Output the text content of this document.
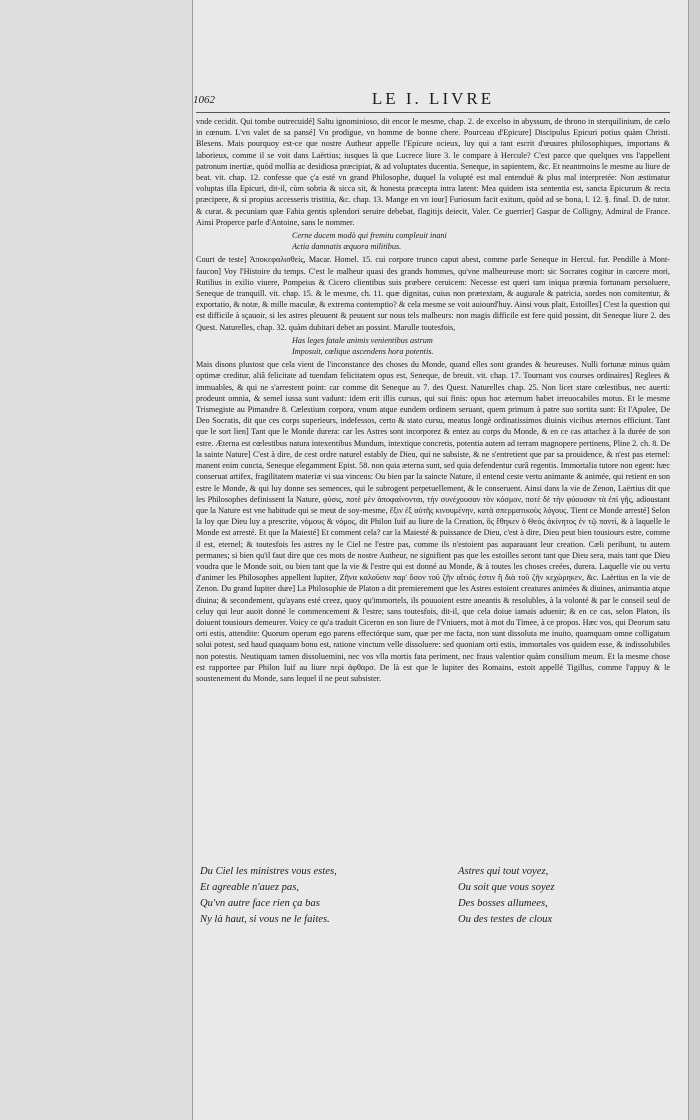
1062	LE I. LIVRE

vnde cecidit. Qui tombe outrecuidé] Saltu ignominioso, dit encor le mesme, chap. 2. de excelso in abyssum, de throno in sterquilinium, de cælo in cœnum. L'vn valet de sa pansé] Vn prodigue, vn homme de bonne chere. Pourceau d'Epicure] Discipulus Epicuri potius quàm Christi. Blesens. Mais pourquoy est-ce que nostre Autheur appelle l'Epicure ocieux, luy qui a tant escrit d'œuures philosophiques, importans & laborieux, comme il se voit dans Laërtius; iusques là que Lucrece liure 3. le compare à Hercule? C'est parce que quelques vns l'appellent patronum inertiæ, quòd mollia ac desidiosa præcipiat, & ad voluptates ducentia. Seneque, in sapientem, &c. Et neantmoins le mesme au liure de beat. vit. chap. 12. confesse que ç'a esté vn grand Philosophe, duquel la volupté est mal entenduë & plus mal interpretée: Non æstimatur voluptas illa Epicuri, dit-il, cùm sobria & sicca sit, & honesta præcepta intra latent: Mea quidem ista sententia est, sancta Epicurum & recta præcipere, & si propius accesseris tristitia, &c. chap. 13. Mange en vn iour] Furiosum facit exitum, quòd ad se bona, l. 12. §. final. D. de tutor. & curat. & pecuniam quæ Fabia gentis splendori seruire debebat, flagitijs deiecit, Valer. Ce guerrier] Gaspar de Colligny, Admiral de France. Ainsi Properce parle d'Antoine, sans le nommer.

Cerne ducem modò qui fremitu compleuit inani
Actia damnatis æquora militibus.

Court de teste] Ἀποκεφαλισθείς, Macar. Homel. 15. cui corpore trunco caput abest, comme parle Seneque in Hercul. fur. Pendille à Mont-faucon] Voy l'Histoire du temps. C'est le malheur quasi des grands hommes, qu'vne malheureuse mort: sic Socrates cogitur in carcere mori, Rutilius in exilio viuere, Pompeius & Cicero clientibus suis præbere ceruicem: Necesse est queri tam iniqua præmia fortunam persoluere, Seneque de tranquill. vit. chap. 15. & le mesme, ch. 11. quæ dignitas, cuius non prætextam, & augurale & patricia, sordes non comitentur, & exportatio, & notæ, & mille maculæ, & extrema contemptio? & cela mesme se voit auiourd'huy. Ainsi vous plait, Estoilles] C'est la question qui est difficile à sçauoir, si les astres pleuuent & peuuent sur nous tels malheurs: non magis difficile est fere quid possint, dit Seneque liure 2. des Quest. Naturelles, chap. 32. quàm dubitari debet an possint. Marulle toutesfois,

Has leges fatale animis venientibus astrum
Imposuit, cœlique ascendens hora potentis.

Mais disons plustost que cela vient de l'inconstance des choses du Monde, quand elles sont grandes & heureuses. Nulli fortunæ minus quàm optimæ creditur, aliâ felicitate ad tuendam felicitatem opus est, Seneque, de breuit. vit. chap. 17. Tournant vos courses ordinaires] Reglees & immuables, & qui ne s'arrestent point: car comme dit Seneque au 7. des Quest. Naturelles chap. 25. Non licet stare cœlestibus, nec auerti: prodeunt omnia, & semel iussa sunt vadunt: idem erit illis cursus, qui sui finis: opus hoc æternum habet irreuocabiles motus. Et le mesme Trismegiste au Pimandre 8. Cælestium corpora, vnum atque eundem ordinem seruant, quem primum à patre suo sortita sunt: Et l'Apulee, De Deo Socratis, dit que ces corps superieurs, indefessos, certo & stato cursu, meatus longè ordinatissimos diuinis vicibus æternos efficiunt. Tant que le sort lien] Tant que le Monde durera: car les Astres sont incorporez & entez au corps du Monde, & en ce cas attachez à la durée de son estre. Æterna est cœlestibus natura intexentibus Mundum, intextique concretis, potentia autem ad terram magnopere pertinens, Pline 2. ch. 8. De la sainte Nature] C'est à dire, de cest ordre naturel estably de Dieu, qui ne subsiste, & ne s'entretient que par sa prouidence, & n'est pas eternel: manent enim cuncta, Seneque elegamment Epist. 58. non quia æterna sunt, sed quia defendentur curâ regentis. Immortalia tutore non egent: hæc conseruat artifex, fragilitatem materiæ vi sua vincens: Ou bien par la saincte Nature, il entend ceste vertu animante & animée, qui retient en son estre le Monde, & qui luy donne ses semences, qui le subrogent perpetuellement, & le conseruent. Ainsi dans la vie de Zenon, Laërtius dit que les Philosophes definissent la Nature, φύσις, ποτὲ μὲν ἀποφαίνονται, τὴν συνέχουσαν τὸν κόσμον, ποτὲ δὲ τὴν φύουσαν τὰ ἐπὶ γῆς, adioustant que la Nature est vne habitude qui se meut de soy-mesme, ἕξιν ἐξ αὑτῆς κινουμένην, κατὰ σπερματικοὺς λόγους. Tient ce Monde arresté] Selon la loy que Dieu luy a prescrite, νόμους & νόμος, dit Philon Iuif au liure de la Creation, ὃς ἔθηκεν ὁ Θεὸς ἀκίνητος ἐν τῷ παντί, & à laquelle le Monde est arresté. Et que la Maiesté] Et comment cela? car la Maiesté & puissance de Dieu, c'est à dire, Dieu peut bien tousiours estre, comme il est, eternel; & toutesfois les astres ny le Ciel ne l'estre pas, comme ils n'estoient pas auparauant leur creation. Cæli peribunt, tu autem permanes; si bien qu'il faut dire que ces mots de nostre Autheur, ne signifient pas que les estoilles seront tant que Dieu sera, mais tant que Dieu voudra que le Monde soit, ou bien tant que la vie & l'estre qui est donné au Monde, & à toutes les choses creées, durera. Laquelle vie ou vertu d'animer les Philosophes appellent Iupiter, Ζῆνα καλοῦσιν παρ' ὅσον τοῦ ζῆν αἴτιός ἐστιν ἢ διὰ τοῦ ζῆν κεχώρηκεν, &c. Laërtius en la vie de Zenon. Du grand Iupiter dure] La Philosophie de Platon a dit premierement que les Astres estoient creatures animées & diuines, animantia atque diuina; & secondement, qu'ayans esté creez, quoy qu'immortels, ils pouuoient estre aneantis & resolubles, à la volonté & par le conseil seul de celuy qui leur auoit donné le commencement & l'estre; sans toutesfois, dit-il, que cela doiue iamais aduenir; & en ce cas, selon Platon, ils doiuent tousiours demeurer. Voicy ce qu'a traduit Ciceron en son liure de l'Vniuers, mot à mot du Timee, à ce propos. Hæc vos, qui Deorum satu orti estis, attendite: Quorum operum ego parens effectórque sum, quæ per me facta, non sunt dissoluta me inuito, quamquam omne colligatum solui potest, sed haud quaquam bonu est, ratione vinctum velle dissoluere: sed quoniam orti estis, immortales vos quidem esse, & indissolubiles non potestis. Neutiquam tamen dissoluemini, nec vos vlla mortis fata periment, nec fraus valentior quàm consilium meum. Et la mesme chose est rapportee par Philon Iuif au liure περὶ ἀφθαρσ. De là est que le Iupiter des Romains, estoit appellé Tigillus, comme l'appuy & le soustenement du Monde, sans lequel il ne peut subsister.

Du Ciel les ministres vous estes,
Et agreable n'auez pas,
Qu'vn autre face rien ça bas
Ny là haut, si vous ne le faites.
Astres qui tout voyez,
Ou soit que vous soyez
Des bosses allumees,
Ou des testes de cloux
